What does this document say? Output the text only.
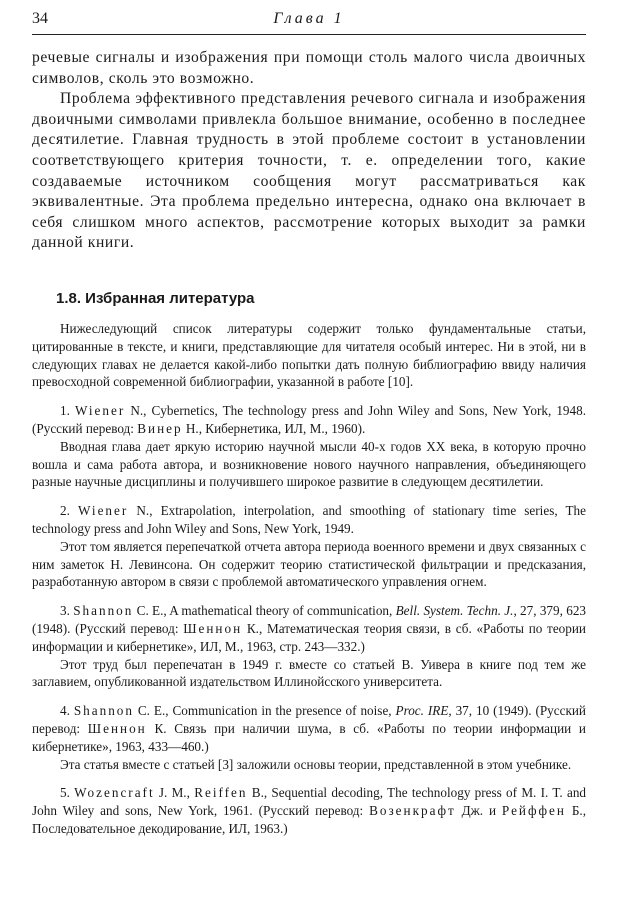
34	Глава 1

речевые сигналы и изображения при помощи столь малого числа двоичных символов, сколь это возможно.

Проблема эффективного представления речевого сигнала и изображения двоичными символами привлекла большое внимание, особенно в последнее десятилетие. Главная трудность в этой проблеме состоит в установлении соответствующего критерия точности, т. е. определении того, какие создаваемые источником сообщения могут рассматриваться как эквивалентные. Эта проблема предельно интересна, однако она включает в себя слишком много аспектов, рассмотрение которых выходит за рамки данной книги.

1.8. Избранная литература

Нижеследующий список литературы содержит только фундаментальные статьи, цитированные в тексте, и книги, представляющие для читателя особый интерес. Ни в этой, ни в следующих главах не делается какой-либо попытки дать полную библиографию ввиду наличия превосходной современной библиографии, указанной в работе [10].

1. Wiener N., Cybernetics, The technology press and John Wiley and Sons, New York, 1948. (Русский перевод: Винер Н., Кибернетика, ИЛ, М., 1960).

Вводная глава дает яркую историю научной мысли 40-х годов XX века, в которую прочно вошла и сама работа автора, и возникновение нового научного направления, объединяющего разные научные дисциплины и получившего широкое развитие в следующем десятилетии.

2. Wiener N., Extrapolation, interpolation, and smoothing of stationary time series, The technology press and John Wiley and Sons, New York, 1949.

Этот том является перепечаткой отчета автора периода военного времени и двух связанных с ним заметок Н. Левинсона. Он содержит теорию статистической фильтрации и предсказания, разработанную автором в связи с проблемой автоматического управления огнем.

3. Shannon C. E., A mathematical theory of communication, Bell. System. Techn. J., 27, 379, 623 (1948). (Русский перевод: Шеннон К., Математическая теория связи, в сб. «Работы по теории информации и кибернетике», ИЛ, М., 1963, стр. 243—332.)

Этот труд был перепечатан в 1949 г. вместе со статьей В. Уивера в книге под тем же заглавием, опубликованной издательством Иллинойсского университета.

4. Shannon C. E., Communication in the presence of noise, Proc. IRE, 37, 10 (1949). (Русский перевод: Шеннон К. Связь при наличии шума, в сб. «Работы по теории информации и кибернетике», 1963, 433—460.)

Эта статья вместе с статьей [3] заложили основы теории, представленной в этом учебнике.

5. Wozencraft J. M., Reiffen B., Sequential decoding, The technology press of M. I. T. and John Wiley and sons, New York, 1961. (Русский перевод: Возенкрафт Дж. и Рейффен Б., Последовательное декодирование, ИЛ, 1963.)
